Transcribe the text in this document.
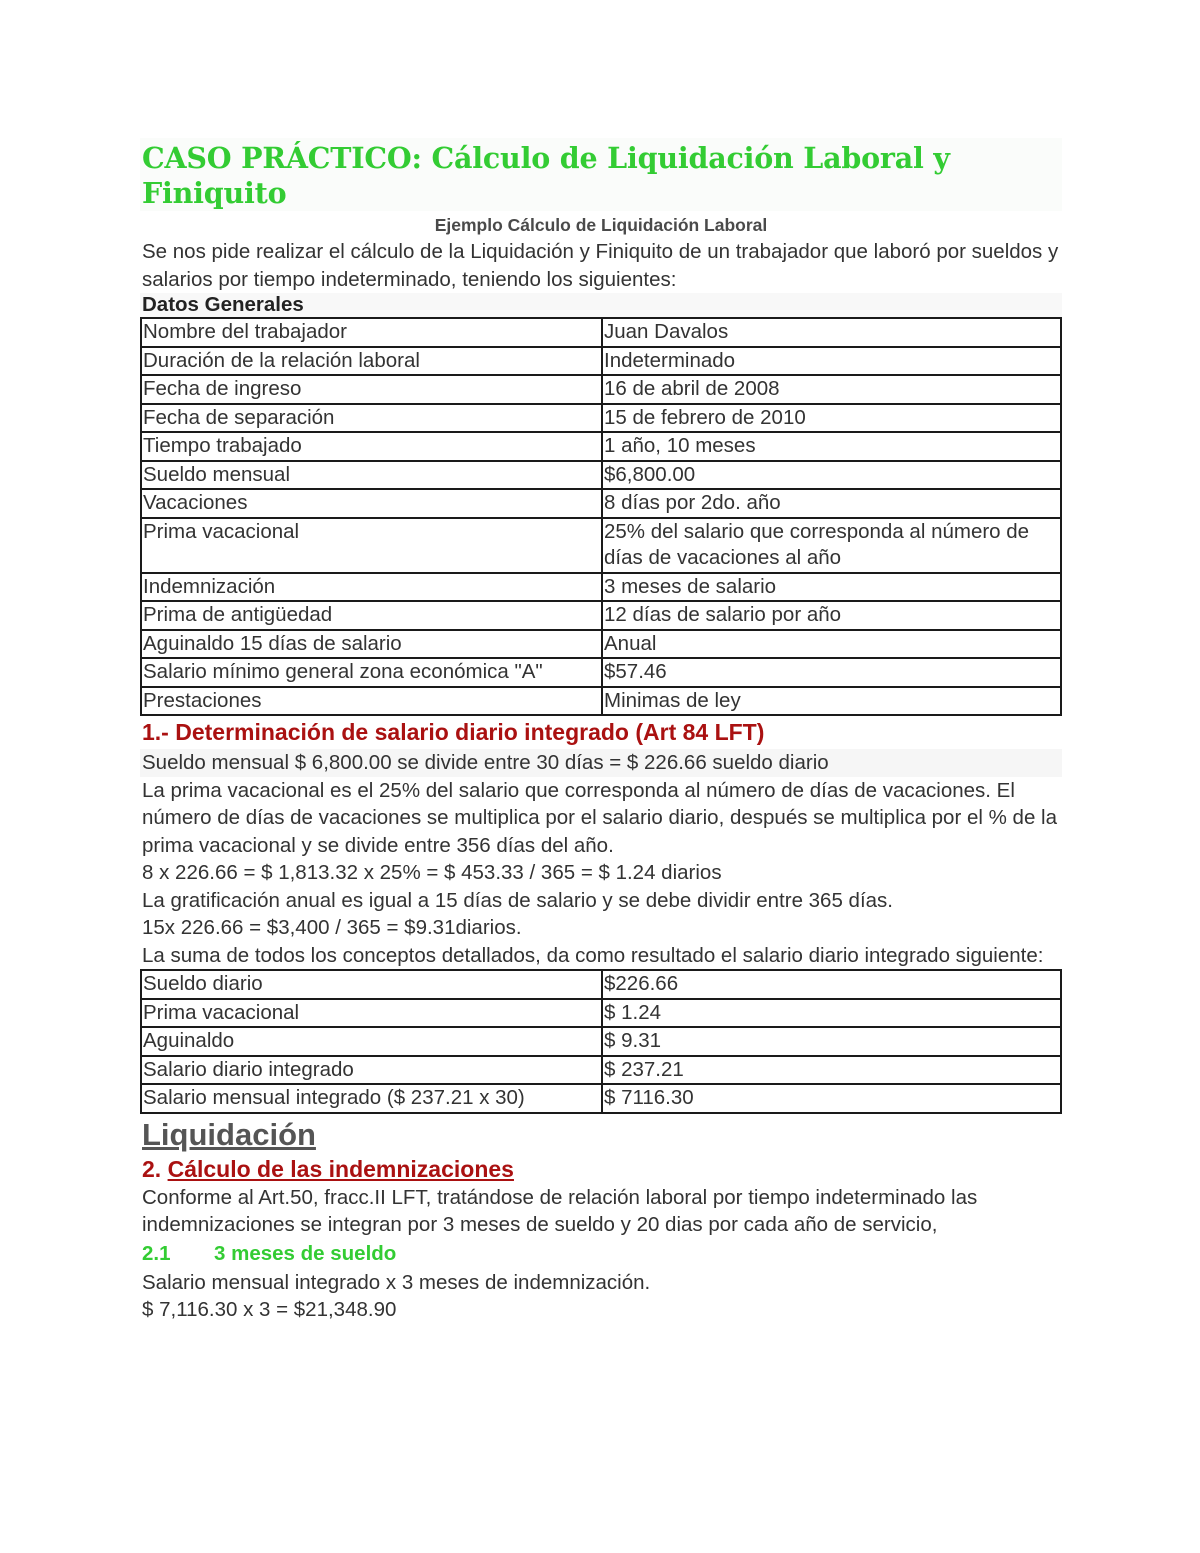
CASO PRÁCTICO: Cálculo de Liquidación Laboral y Finiquito
Ejemplo Cálculo de Liquidación Laboral

Se nos pide realizar el cálculo de la Liquidación y Finiquito de un trabajador que laboró por sueldos y salarios por tiempo indeterminado, teniendo los siguientes:

Datos Generales
Nombre del trabajador	Juan Davalos
Duración de la relación laboral	Indeterminado
Fecha de ingreso	16 de abril de 2008
Fecha de separación	15 de febrero de 2010
Tiempo trabajado	1 año, 10 meses
Sueldo mensual	$6,800.00
Vacaciones	8 días por 2do. año
Prima vacacional	25% del salario que corresponda al número de días de vacaciones al año
Indemnización	3 meses de salario
Prima de antigüedad	12 días de salario por año
Aguinaldo 15 días de salario	Anual
Salario mínimo general zona económica "A"	$57.46
Prestaciones	Minimas de ley
1.- Determinación de salario diario integrado (Art 84 LFT)

Sueldo mensual $ 6,800.00 se divide entre 30 días = $ 226.66 sueldo diario

La prima vacacional es el 25% del salario que corresponda al número de días de vacaciones. El número de días de vacaciones se multiplica por el salario diario, después se multiplica por el % de la prima vacacional y se divide entre 356 días del año.

8 x 226.66 = $ 1,813.32 x 25% = $ 453.33 / 365 = $ 1.24 diarios

La gratificación anual es igual a 15 días de salario y se debe dividir entre 365 días.

15x 226.66 = $3,400 / 365 = $9.31diarios.

La suma de todos los conceptos detallados, da como resultado el salario diario integrado siguiente:

Sueldo diario	$226.66
Prima vacacional	$ 1.24
Aguinaldo	$ 9.31
Salario diario integrado	$ 237.21
Salario mensual integrado ($ 237.21 x 30)	$ 7116.30
Liquidación
2. Cálculo de las indemnizaciones

Conforme al Art.50, fracc.II LFT, tratándose de relación laboral por tiempo indeterminado las indemnizaciones se integran por 3 meses de sueldo y 20 dias por cada año de servicio,

2.1 3 meses de sueldo

Salario mensual integrado x 3 meses de indemnización.

$ 7,116.30 x 3 = $21,348.90
